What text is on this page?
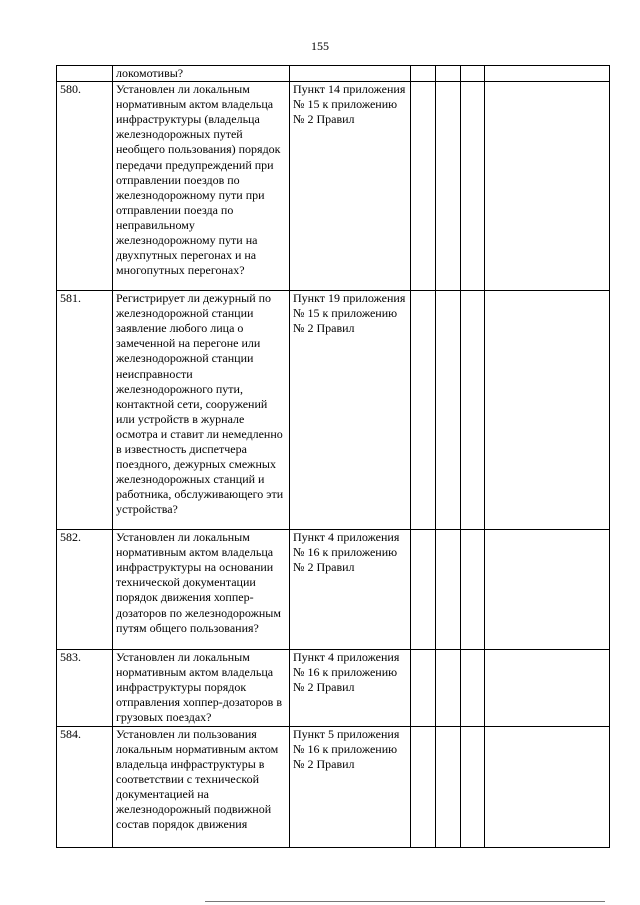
155
	локомотивы?					
580.	Установлен ли локальным нормативным актом владельца инфраструктуры (владельца железнодорожных путей необщего пользования) порядок передачи предупреждений при отправлении поездов по железнодорожному пути при отправлении поезда по неправильному железнодорожному пути на двухпутных перегонах и на многопутных перегонах?	Пункт 14 приложения № 15 к приложению № 2 Правил				
581.	Регистрирует ли дежурный по железнодорожной станции заявление любого лица о замеченной на перегоне или железнодорожной станции неисправности железнодорожного пути, контактной сети, сооружений или устройств в журнале осмотра и ставит ли немедленно в известность диспетчера поездного, дежурных смежных железнодорожных станций и работника, обслуживающего эти устройства?	Пункт 19 приложения № 15 к приложению № 2 Правил				
582.	Установлен ли локальным нормативным актом владельца инфраструктуры на основании технической документации порядок движения хоппер-дозаторов по железнодорожным путям общего пользования?	Пункт 4 приложения № 16 к приложению № 2 Правил				
583.	Установлен ли локальным нормативным актом владельца инфраструктуры порядок отправления хоппер-дозаторов в грузовых поездах?	Пункт 4 приложения № 16 к приложению № 2 Правил				
584.	Установлен ли пользования локальным нормативным актом владельца инфраструктуры в соответствии с технической документацией на железнодорожный подвижной состав порядок движения	Пункт 5 приложения № 16 к приложению № 2 Правил				
